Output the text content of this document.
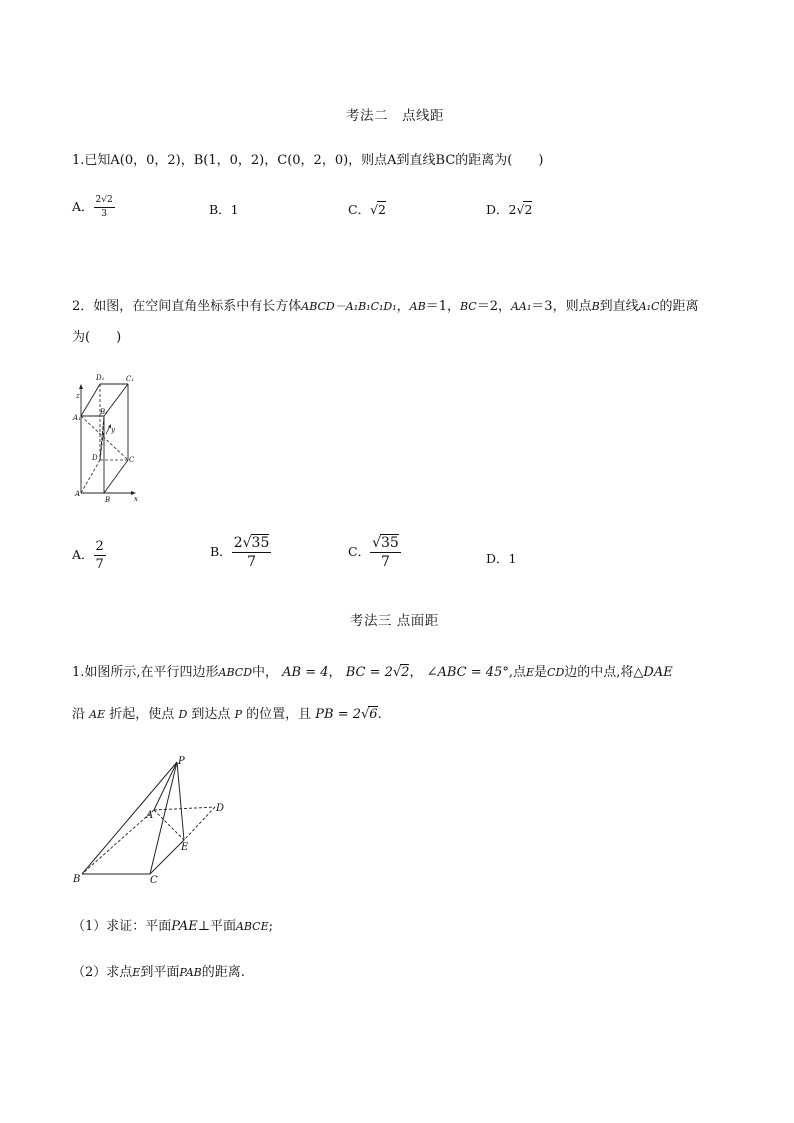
考法二　点线距
1.已知A(0，0，2)，B(1，0，2)，C(0，2，0)，则点A到直线BC的距离为(　　)
A． $\frac{2√2}{3}$	B．1	C．√2	D．2√2
2．如图，在空间直角坐标系中有长方体ABCD－A₁B₁C₁D₁，AB＝1，BC＝2，AA₁＝3，则点B到直线A₁C的距离
为(　　)
D₁	C₁
z
A₁
B₁
y
D	C
A
B	x
A． $\frac{2}{7}$	B． $\frac{2√35}{7}$	C． $\frac{√35}{7}$	D．1
考法三 点面距
1.如图所示,在平行四边形ABCD中， AB = 4， BC = 2√2， ∠ABC = 45°,点E是CD边的中点,将△DAE
沿 AE 折起，使点 D 到达点 P 的位置，且 PB = 2√6.
P
A
D
E
B	C
（1）求证：平面PAE⊥平面ABCE;
（2）求点E到平面PAB的距离.
